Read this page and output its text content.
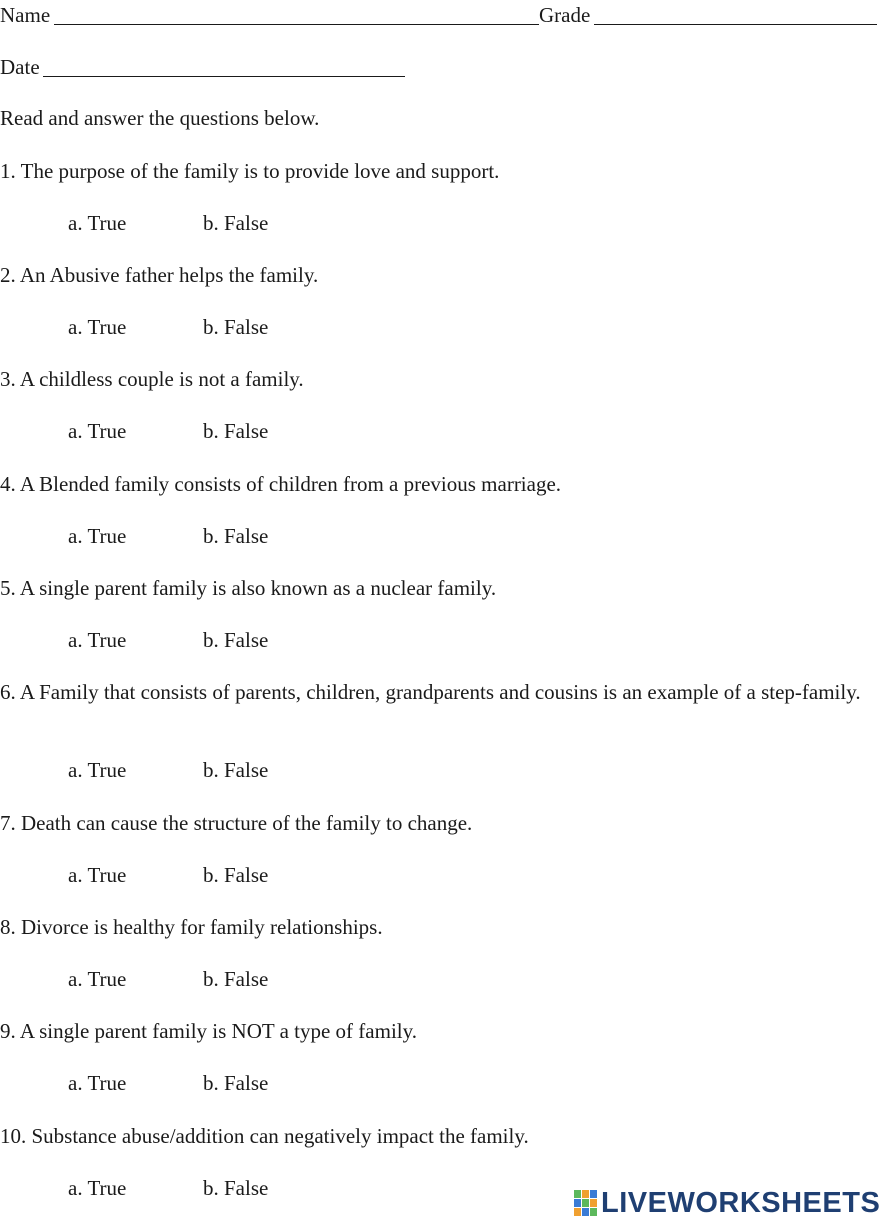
Name	Grade
Date
Read and answer the questions below.
1. The purpose of the family is to provide love and support.
a. True	b. False
2. An Abusive father helps the family.
a. True	b. False
3. A childless couple is not a family.
a. True	b. False
4. A Blended family consists of children from a previous marriage.
a. True	b. False
5. A single parent family is also known as a nuclear family.
a. True	b. False
6. A Family that consists of parents, children, grandparents and cousins is an example of a step-family.
a. True	b. False
7. Death can cause the structure of the family to change.
a. True	b. False
8. Divorce is healthy for family relationships.
a. True	b. False
9. A single parent family is NOT a type of family.
a. True	b. False
10. Substance abuse/addition can negatively impact the family.
a. True	b. False	LIVEWORKSHEETS
